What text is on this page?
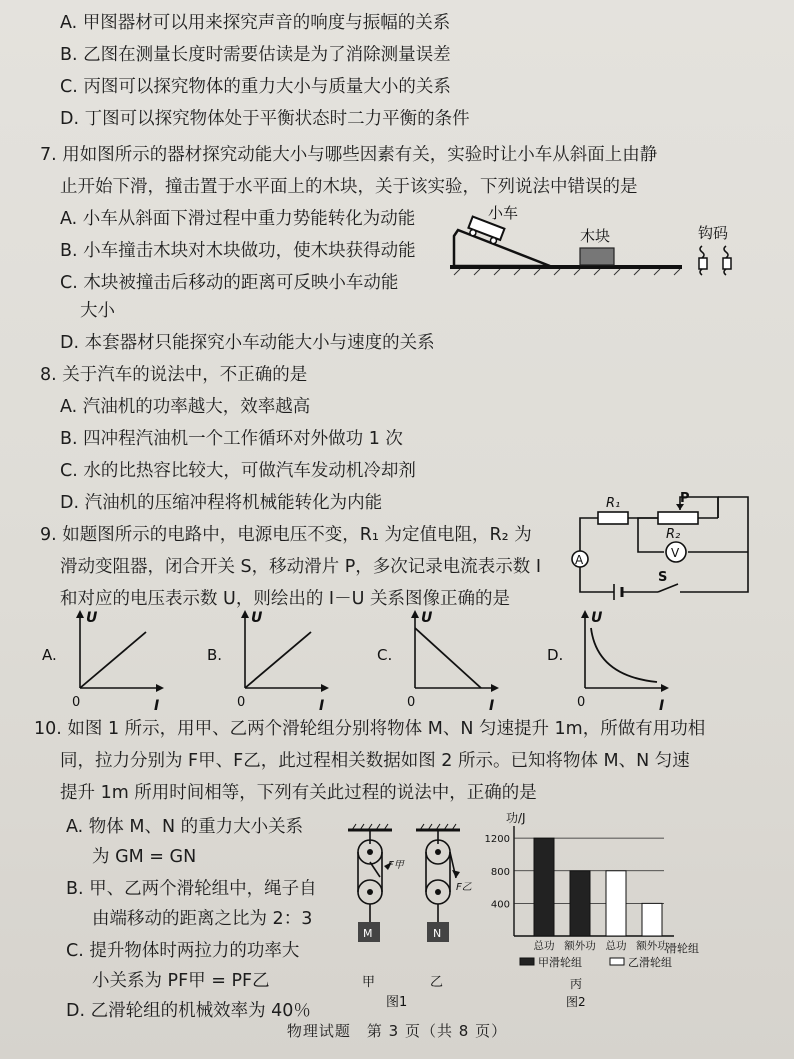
A. 甲图器材可以用来探究声音的响度与振幅的关系
B. 乙图在测量长度时需要估读是为了消除测量误差
C. 丙图可以探究物体的重力大小与质量大小的关系
D. 丁图可以探究物体处于平衡状态时二力平衡的条件
7. 用如图所示的器材探究动能大小与哪些因素有关，实验时让小车从斜面上由静
止开始下滑，撞击置于水平面上的木块，关于该实验，下列说法中错误的是
A. 小车从斜面下滑过程中重力势能转化为动能
B. 小车撞击木块对木块做功，使木块获得动能
C. 木块被撞击后移动的距离可反映小车动能
大小
D. 本套器材只能探究小车动能大小与速度的关系
小车
木块	钩码
8. 关于汽车的说法中，不正确的是
A. 汽油机的功率越大，效率越高
B. 四冲程汽油机一个工作循环对外做功 1 次
C. 水的比热容比较大，可做汽车发动机冷却剂
D. 汽油机的压缩冲程将机械能转化为内能
9. 如题图所示的电路中，电源电压不变，R₁ 为定值电阻，R₂ 为
滑动变阻器，闭合开关 S，移动滑片 P，多次记录电流表示数 I
和对应的电压表示数 U，则绘出的 I－U 关系图像正确的是
A	V
R₁
R₂
P
S
A.
U
I
0
B.
U
I
0
C.
U
I
0
D.
U
I
0
10. 如图 1 所示，用甲、乙两个滑轮组分别将物体 M、N 匀速提升 1m，所做有用功相
同，拉力分别为 F甲、F乙，此过程相关数据如图 2 所示。已知将物体 M、N 匀速
提升 1m 所用时间相等，下列有关此过程的说法中，正确的是
A. 物体 M、N 的重力大小关系
为 GM = GN
B. 甲、乙两个滑轮组中，绳子自
由端移动的距离之比为 2：3
C. 提升物体时两拉力的功率大
小关系为 PF甲 = PF乙
D. 乙滑轮组的机械效率为 40％
F甲
F乙
M	N
甲	乙
图1
功/J
滑轮组
丙
图2
400
800
1200
总功 额外功 总功 额外功
甲滑轮组	乙滑轮组
物理试题　第 3 页（共 8 页）
